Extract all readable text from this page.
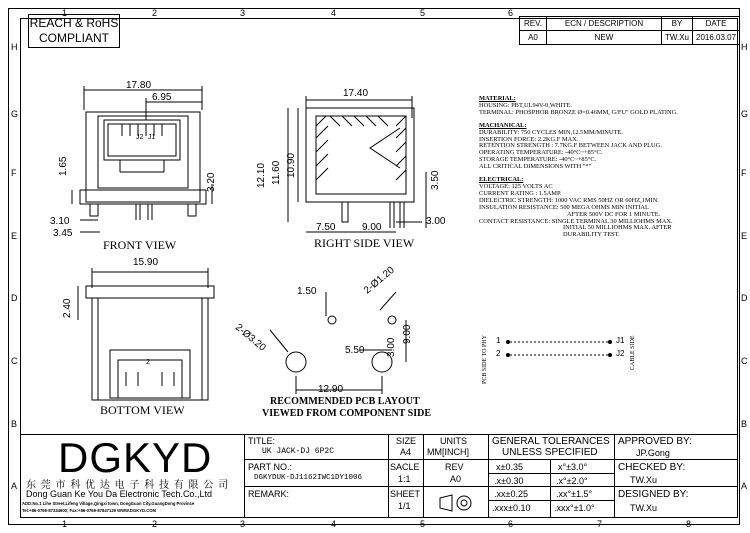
1	2	3	4	5	6
1	2	3	4	5	6	7	8
H
G
F
E
D
C
B
A
H
G
F
E
D
C
B
A
REACH & RoHS
COMPLIANT
REV.	ECN / DESCRIPTION	BY	DATE
A0	NEW	TW.Xu	2016.03.07
17.80
6.95
1.65
3.20
3.10
3.45
J2 J1
FRONT VIEW
17.40
12.10 11.60 10.90
3.50
7.50	9.00
3.00
RIGHT SIDE VIEW
15.90
2.40
2
BOTTOM VIEW
1.50	2-Ø1.20
2-Ø3.20	5.50 3.00
9.00
12.90
RECOMMENDED PCB LAYOUT
VIEWED FROM COMPONENT SIDE
MATERIAL:
HOUSING: PBT,UL94V-0,WHITE.
TERMINAL: PHOSPHOR BRONZE Ø=0.46MM, G/FU" GOLD PLATING.
MACHANICAL:
DURABILITY: 750 CYCLES MIN,12.5MM/MINUTE.
INSERTION FORCE: 2.2KG.F MAX.
RETENTION STRENGTH : 7.7KG.F BETWEEN JACK AND PLUG.
OPERATING TEMPERATURE: -40°C~+85°C.
STORAGE TEMPERATURE: -40°C~+85°C.
ALL CRITICAL DIMENSIONS WITH "*"
ELECTRICAL:
VOLTAGE: 125 VOLTS AC
CURRENT RATING : 1.5AMP.
DIELECTRIC STRENGTH: 1000 VAC RMS 50HZ OR 60HZ,1MIN.
INSULATION RESISTANCE: 500 MEGA OHMS MIN INITIAL
AFTER 500V DC FOR 1 MINUTE.
CONTACT RESISTANCE: SINGLE TERMINAL 30 MILLIOHMS MAX.
INITIAL 50 MILLIOHMS MAX. AFTER
DURABILITY TEST.
PCB SIDE TO PHY	CABLE SIDE
1
2
J1
J2
DGKYD
东 莞 市 科 优 达 电 子 科 技 有 限 公 司
Dong Guan Ke You Da Electronic Tech.Co.,Ltd
ADD:No.1 Lihe Street,Lifeng Village,Qingxi town, DongGuan City,GuangDong Province
Tel:+86-0769-87334600; Fax:+86-0769-87847129 WWW.DGKYD.COM
TITLE:
UK JACK-DJ 6P2C
PART NO.:
DGKYDUK-DJ1162IWC1DY1006
REMARK:
SIZE
A4
SACLE
1:1
SHEET
1/1
UNITS
MM[INCH]
REV
A0
GENERAL TOLERANCES
UNLESS SPECIFIED
x±0.35	x°±3.0°
.x±0.30	.x°±2.0°
.xx±0.25	.xx°±1.5°
.xxx±0.10	.xxx°±1.0°
APPROVED BY:
JP.Gong
CHECKED BY:
TW.Xu
DESIGNED BY:
TW.Xu
